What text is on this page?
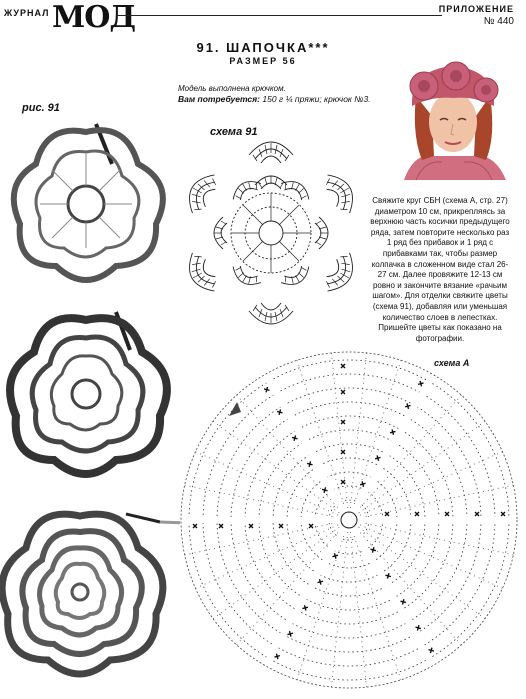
ЖУРНАЛ МОД	ПРИЛОЖЕНИЕ
№ 440
91. ШАПОЧКА***
РАЗМЕР 56
Модель выполнена крючком.
Вам потребуется: 150 г ¼ пряжи; крючок №3.
рис. 91
схема 91
схема А
Свяжите круг СБН (схема А, стр. 27) диаметром 10 см, прикрепляясь за верхнюю часть косички предыдущего ряда, затем повторите несколько раз 1 ряд без прибавок и 1 ряд с прибавками так, чтобы размер колпачка в сложенном виде стал 26-27 см. Далее провяжите 12-13 см ровно и закончите вязание «рачьим шагом». Для отделки свяжите цветы (схема 91), добавляя или уменьшая количество слоев в лепестках. Пришейте цветы как показано на фотографии.
